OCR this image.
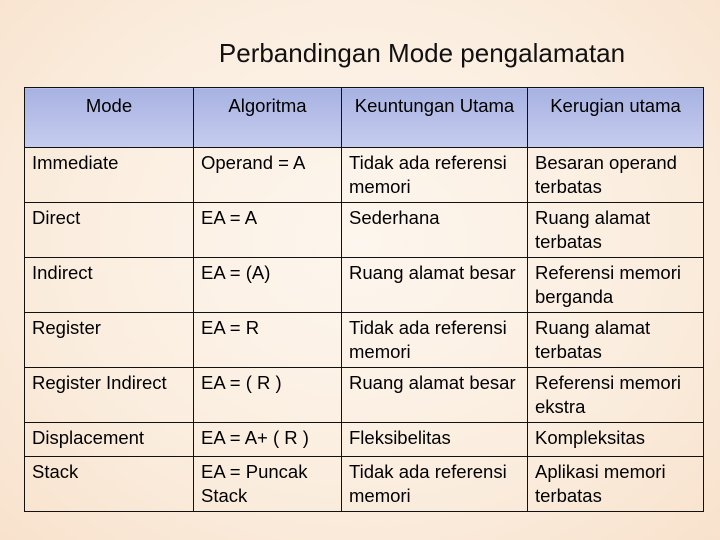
Perbandingan Mode pengalamatan
Mode	Algoritma	Keuntungan Utama	Kerugian utama
Immediate	Operand = A	Tidak ada referensi memori	Besaran operand terbatas
Direct	EA = A	Sederhana	Ruang alamat terbatas
Indirect	EA = (A)	Ruang alamat besar	Referensi memori berganda
Register	EA = R	Tidak ada referensi memori	Ruang alamat terbatas
Register Indirect	EA = ( R )	Ruang alamat besar	Referensi memori ekstra
Displacement	EA = A+ ( R )	Fleksibelitas	Kompleksitas
Stack	EA = Puncak Stack	Tidak ada referensi memori	Aplikasi memori terbatas
